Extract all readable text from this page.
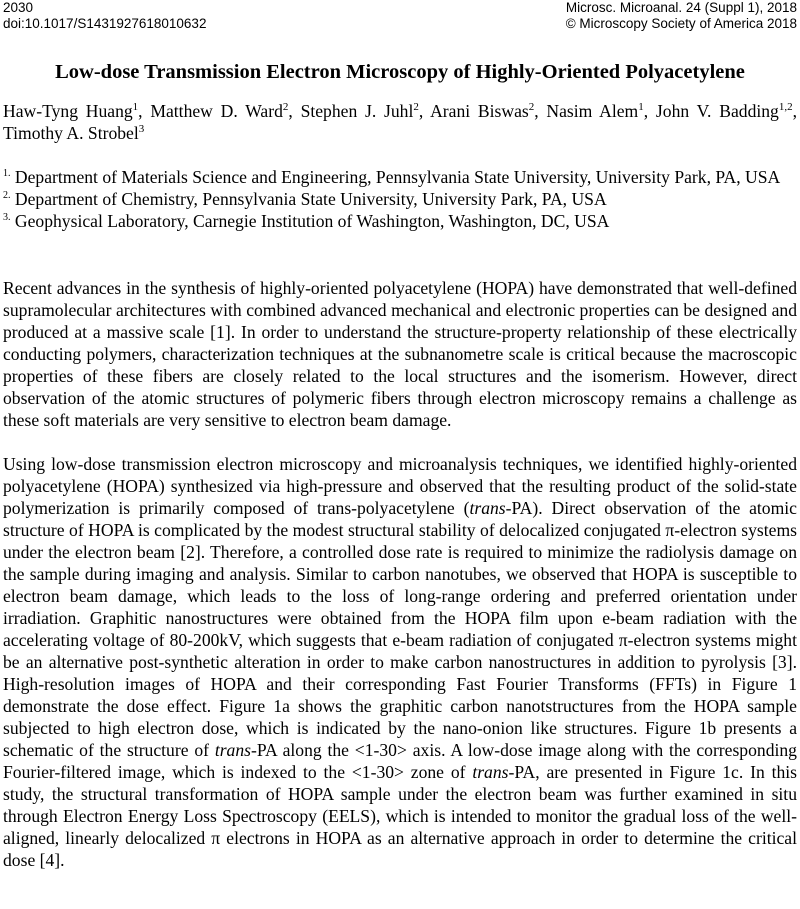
2030	Microsc. Microanal. 24 (Suppl 1), 2018
doi:10.1017/S1431927618010632	© Microscopy Society of America 2018
Low-dose Transmission Electron Microscopy of Highly-Oriented Polyacetylene
Haw-Tyng Huang$^1$, Matthew D. Ward$^2$, Stephen J. Juhl$^2$, Arani Biswas$^2$, Nasim Alem$^1$, John V. Badding$^{1,2}$, Timothy A. Strobel$^3$
$^{1.}$ Department of Materials Science and Engineering, Pennsylvania State University, University Park, PA, USA
$^{2.}$ Department of Chemistry, Pennsylvania State University, University Park, PA, USA
$^{3.}$ Geophysical Laboratory, Carnegie Institution of Washington, Washington, DC, USA

Recent advances in the synthesis of highly-oriented polyacetylene (HOPA) have demonstrated that well-defined supramolecular architectures with combined advanced mechanical and electronic properties can be designed and produced at a massive scale [1]. In order to understand the structure-property relationship of these electrically conducting polymers, characterization techniques at the subnanometre scale is critical because the macroscopic properties of these fibers are closely related to the local structures and the isomerism. However, direct observation of the atomic structures of polymeric fibers through electron microscopy remains a challenge as these soft materials are very sensitive to electron beam damage.

Using low-dose transmission electron microscopy and microanalysis techniques, we identified highly-oriented polyacetylene (HOPA) synthesized via high-pressure and observed that the resulting product of the solid-state polymerization is primarily composed of trans-polyacetylene (trans-PA). Direct observation of the atomic structure of HOPA is complicated by the modest structural stability of delocalized conjugated π-electron systems under the electron beam [2]. Therefore, a controlled dose rate is required to minimize the radiolysis damage on the sample during imaging and analysis. Similar to carbon nanotubes, we observed that HOPA is susceptible to electron beam damage, which leads to the loss of long-range ordering and preferred orientation under irradiation. Graphitic nanostructures were obtained from the HOPA film upon e-beam radiation with the accelerating voltage of 80-200kV, which suggests that e-beam radiation of conjugated π-electron systems might be an alternative post-synthetic alteration in order to make carbon nanostructures in addition to pyrolysis [3]. High-resolution images of HOPA and their corresponding Fast Fourier Transforms (FFTs) in Figure 1 demonstrate the dose effect. Figure 1a shows the graphitic carbon nanotstructures from the HOPA sample subjected to high electron dose, which is indicated by the nano-onion like structures. Figure 1b presents a schematic of the structure of trans-PA along the <1-30> axis. A low-dose image along with the corresponding Fourier-filtered image, which is indexed to the <1-30> zone of trans-PA, are presented in Figure 1c. In this study, the structural transformation of HOPA sample under the electron beam was further examined in situ through Electron Energy Loss Spectroscopy (EELS), which is intended to monitor the gradual loss of the well-aligned, linearly delocalized π electrons in HOPA as an alternative approach in order to determine the critical dose [4].
